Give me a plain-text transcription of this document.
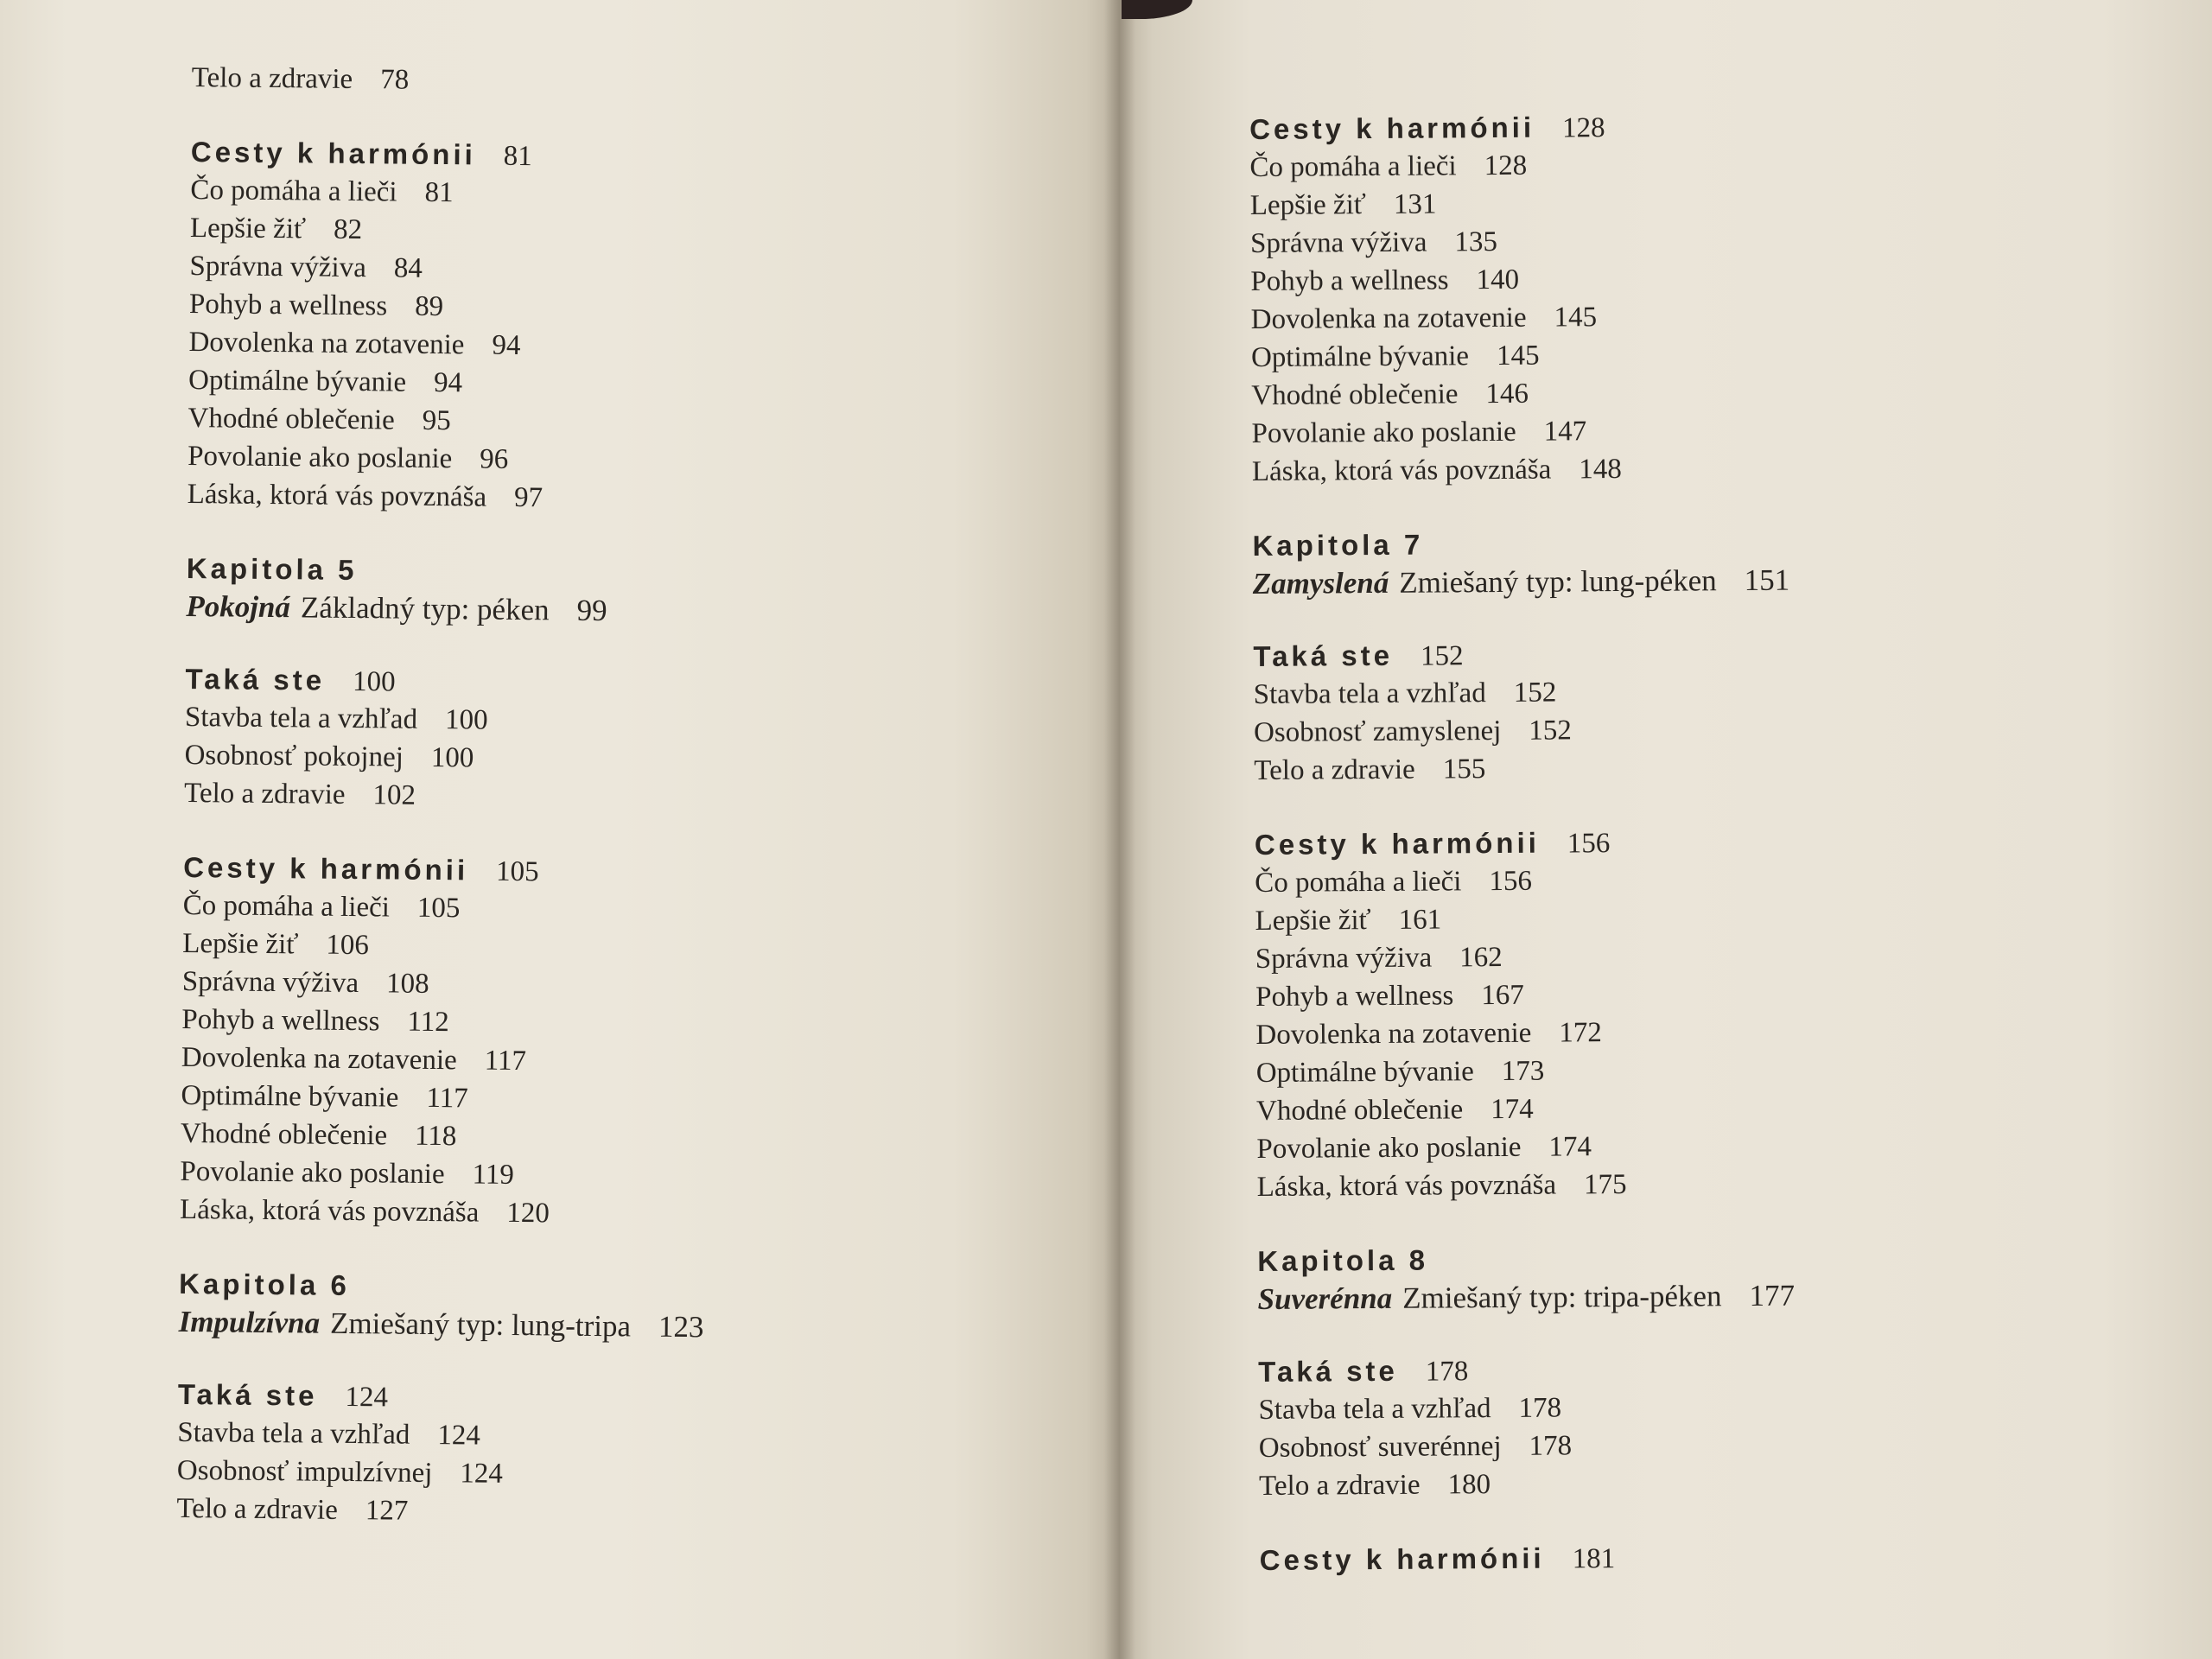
Telo a zdravie 78
Cesty k harmónii 81
Čo pomáha a lieči 81
Lepšie žiť 82
Správna výživa 84
Pohyb a wellness 89
Dovolenka na zotavenie 94
Optimálne bývanie 94
Vhodné oblečenie 95
Povolanie ako poslanie 96
Láska, ktorá vás povznáša 97
Kapitola 5
Pokojná Základný typ: péken 99
Taká ste 100
Stavba tela a vzhľad 100
Osobnosť pokojnej 100
Telo a zdravie 102
Cesty k harmónii 105
Čo pomáha a lieči 105
Lepšie žiť 106
Správna výživa 108
Pohyb a wellness 112
Dovolenka na zotavenie 117
Optimálne bývanie 117
Vhodné oblečenie 118
Povolanie ako poslanie 119
Láska, ktorá vás povznáša 120
Kapitola 6
Impulzívna Zmiešaný typ: lung-tripa 123
Taká ste 124
Stavba tela a vzhľad 124
Osobnosť impulzívnej 124
Telo a zdravie 127
Cesty k harmónii 128
Čo pomáha a lieči 128
Lepšie žiť 131
Správna výživa 135
Pohyb a wellness 140
Dovolenka na zotavenie 145
Optimálne bývanie 145
Vhodné oblečenie 146
Povolanie ako poslanie 147
Láska, ktorá vás povznáša 148
Kapitola 7
Zamyslená Zmiešaný typ: lung-péken 151
Taká ste 152
Stavba tela a vzhľad 152
Osobnosť zamyslenej 152
Telo a zdravie 155
Cesty k harmónii 156
Čo pomáha a lieči 156
Lepšie žiť 161
Správna výživa 162
Pohyb a wellness 167
Dovolenka na zotavenie 172
Optimálne bývanie 173
Vhodné oblečenie 174
Povolanie ako poslanie 174
Láska, ktorá vás povznáša 175
Kapitola 8
Suverénna Zmiešaný typ: tripa-péken 177
Taká ste 178
Stavba tela a vzhľad 178
Osobnosť suverénnej 178
Telo a zdravie 180
Cesty k harmónii 181
